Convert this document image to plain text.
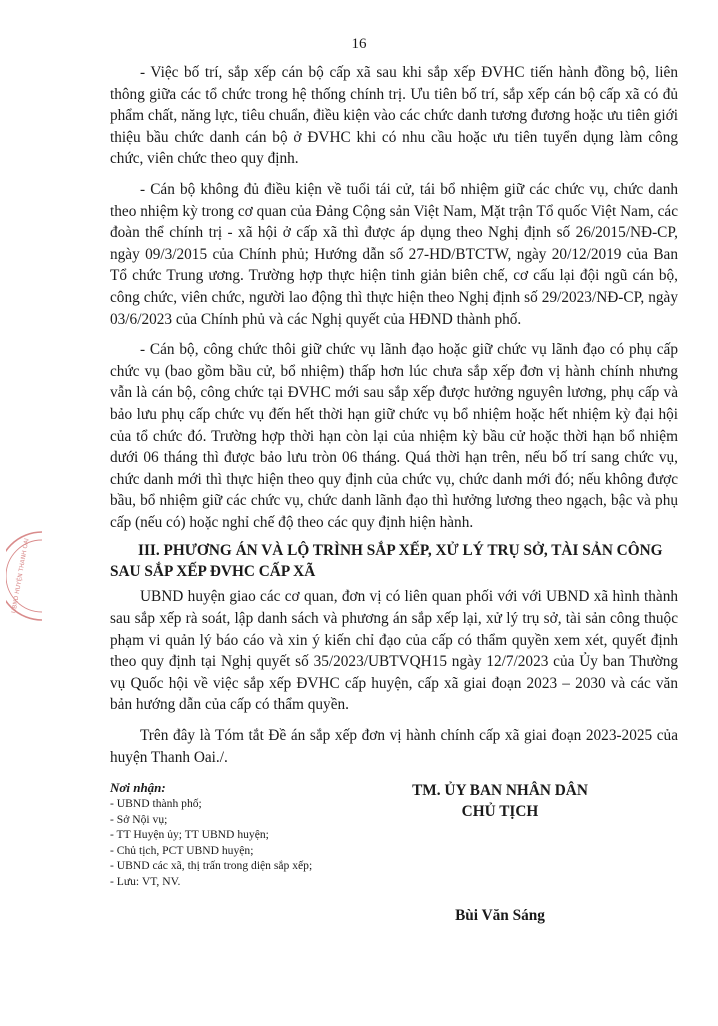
16
UBND HUYỆN THANH OAI

- Việc bố trí, sắp xếp cán bộ cấp xã sau khi sắp xếp ĐVHC tiến hành đồng bộ, liên thông giữa các tổ chức trong hệ thống chính trị. Ưu tiên bố trí, sắp xếp cán bộ cấp xã có đủ phẩm chất, năng lực, tiêu chuẩn, điều kiện vào các chức danh tương đương hoặc ưu tiên giới thiệu bầu chức danh cán bộ ở ĐVHC khi có nhu cầu hoặc ưu tiên tuyển dụng làm công chức, viên chức theo quy định.

- Cán bộ không đủ điều kiện về tuổi tái cử, tái bổ nhiệm giữ các chức vụ, chức danh theo nhiệm kỳ trong cơ quan của Đảng Cộng sản Việt Nam, Mặt trận Tổ quốc Việt Nam, các đoàn thể chính trị - xã hội ở cấp xã thì được áp dụng theo Nghị định số 26/2015/NĐ-CP, ngày 09/3/2015 của Chính phủ; Hướng dẫn số 27-HD/BTCTW, ngày 20/12/2019 của Ban Tổ chức Trung ương. Trường hợp thực hiện tinh giản biên chế, cơ cấu lại đội ngũ cán bộ, công chức, viên chức, người lao động thì thực hiện theo Nghị định số 29/2023/NĐ-CP, ngày 03/6/2023 của Chính phủ và các Nghị quyết của HĐND thành phố.

- Cán bộ, công chức thôi giữ chức vụ lãnh đạo hoặc giữ chức vụ lãnh đạo có phụ cấp chức vụ (bao gồm bầu cử, bổ nhiệm) thấp hơn lúc chưa sắp xếp đơn vị hành chính nhưng vẫn là cán bộ, công chức tại ĐVHC mới sau sắp xếp được hưởng nguyên lương, phụ cấp và bảo lưu phụ cấp chức vụ đến hết thời hạn giữ chức vụ bổ nhiệm hoặc hết nhiệm kỳ đại hội của tổ chức đó. Trường hợp thời hạn còn lại của nhiệm kỳ bầu cử hoặc thời hạn bổ nhiệm dưới 06 tháng thì được bảo lưu tròn 06 tháng. Quá thời hạn trên, nếu bố trí sang chức vụ, chức danh mới thì thực hiện theo quy định của chức vụ, chức danh mới đó; nếu không được bầu, bổ nhiệm giữ các chức vụ, chức danh lãnh đạo thì hưởng lương theo ngạch, bậc và phụ cấp (nếu có) hoặc nghỉ chế độ theo các quy định hiện hành.

III. PHƯƠNG ÁN VÀ LỘ TRÌNH SẮP XẾP, XỬ LÝ TRỤ SỞ, TÀI SẢN CÔNG SAU SẮP XẾP ĐVHC CẤP XÃ

UBND huyện giao các cơ quan, đơn vị có liên quan phối với với UBND xã hình thành sau sắp xếp rà soát, lập danh sách và phương án sắp xếp lại, xử lý trụ sở, tài sản công thuộc phạm vi quản lý báo cáo và xin ý kiến chỉ đạo của cấp có thẩm quyền xem xét, quyết định theo quy định tại Nghị quyết số 35/2023/UBTVQH15 ngày 12/7/2023 của Ủy ban Thường vụ Quốc hội về việc sắp xếp ĐVHC cấp huyện, cấp xã giai đoạn 2023 – 2030 và các văn bản hướng dẫn của cấp có thẩm quyền.

Trên đây là Tóm tắt Đề án sắp xếp đơn vị hành chính cấp xã giai đoạn 2023-2025 của huyện Thanh Oai./.

Nơi nhận:

- UBND thành phố;

- Sở Nội vụ;

- TT Huyện ủy; TT UBND huyện;

- Chủ tịch, PCT UBND huyện;

- UBND các xã, thị trấn trong diện sắp xếp;

- Lưu: VT, NV.

TM. ỦY BAN NHÂN DÂN
CHỦ TỊCH
Bùi Văn Sáng
